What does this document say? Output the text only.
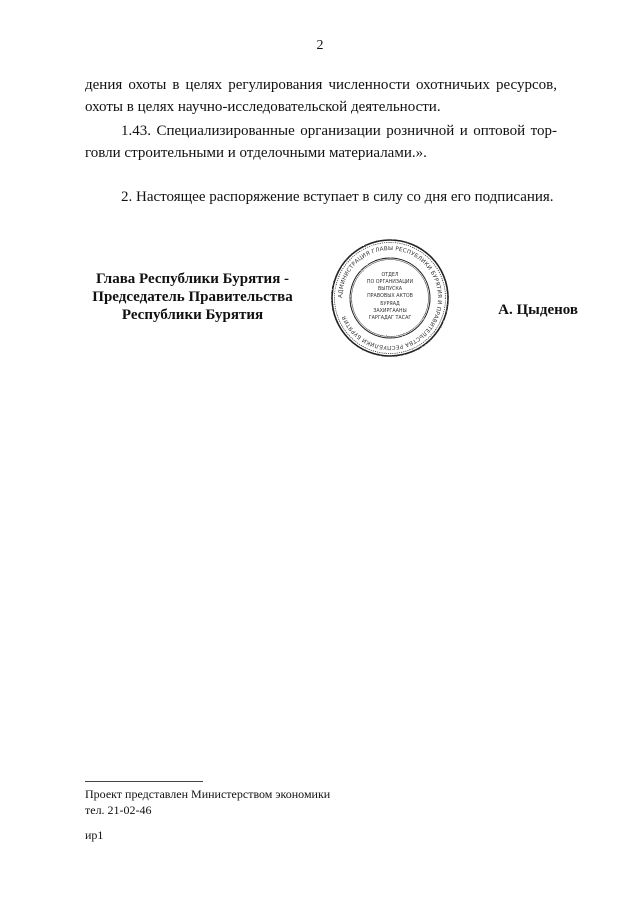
2
дения охоты в целях регулирования численности охотничьих ресурсов,
охоты в целях научно-исследовательской деятельности.
1.43. Специализированные организации розничной и оптовой тор-
говли строительными и отделочными материалами.».
2. Настоящее распоряжение вступает в силу со дня его подписания.
Глава Республики Бурятия -
Председатель Правительства
Республики Бурятия
АДМИНИСТРАЦИЯ ГЛАВЫ РЕСПУБЛИКИ БУРЯТИЯ И ПРАВИТЕЛЬСТВА РЕСПУБЛИКИ БУРЯТИЯ
ОТДЕЛ
ПО ОРГАНИЗАЦИИ
ВЫПУСКА
ПРАВОВЫХ АКТОВ
БУРЯАД
ЗАХИРГААНЫ
ГАРГАДАГ ТАСАГ
А. Цыденов
Проект представлен Министерством экономики
тел. 21-02-46
ир1
